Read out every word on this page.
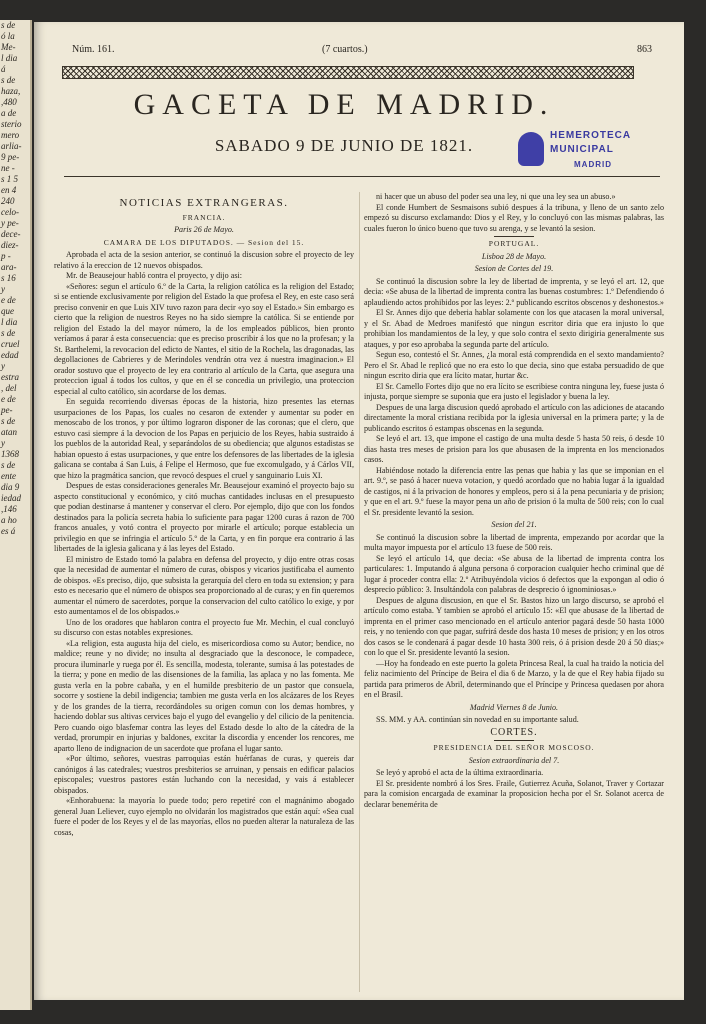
s de
ó la
Me-
l dia
á
s de
haza,
,480
a de
sterio
mero
arlia-
9 pe-
ne -
s 1 5
en 4
240
celo-
y pe-
dece-
diez-
p -
ara-
s 16
y
e de
que
l dia
s de
cruel
edad
y
estra
, del
e de
pe-
s de
atan
y
1368
s de
ente
dia 9
iedad
,146
a ho
es á
Núm. 161.	(7 cuartos.)	863
GACETA DE MADRID.
SABADO 9 DE JUNIO DE 1821.
HEMEROTECA
MUNICIPAL
MADRID
NOTICIAS EXTRANGERAS.
FRANCIA.
Paris 26 de Mayo.
CAMARA DE LOS DIPUTADOS. — Sesion del 15.

Aprobada el acta de la sesion anterior, se continuó la discusion sobre el proyecto de ley relativo á la ereccion de 12 nuevos obispados.

Mr. de Beausejour habló contra el proyecto, y dijo asi:

«Señores: segun el artículo 6.º de la Carta, la religion católica es la religion del Estado; si se entiende exclusivamente por religion del Estado la que profesa el Rey, en este caso será preciso convenir en que Luis XIV tuvo razon para decir «yo soy el Estado.» Sin embargo es cierto que la religion de nuestros Reyes no ha sido siempre la católica. Si se entiende por religion del Estado la del mayor número, la de los empleados públicos, bien pronto veríamos á parar á esta consecuencia: que es preciso proscribir á los que no la profesan; y la St. Barthelemi, la revocacion del edicto de Nantes, el sitio de la Rochela, las dragonadas, las degollaciones de Cabrieres y de Merindoles vendrán otra vez á nuestra imaginacion.» El orador sostuvo que el proyecto de ley era contrario al artículo de la Carta, que asegura una proteccion igual á todos los cultos, y que en él se concedia un privilegio, una proteccion especial al culto católico, sin acordarse de los demas.

En seguida recorriendo diversas épocas de la historia, hizo presentes las eternas usurpaciones de los Papas, los cuales no cesaron de extender y aumentar su poder en menoscabo de los tronos, y por último lograron disponer de las coronas; que el clero, que estuvo casi siempre á la devocion de los Papas en perjuicio de los Reyes, habia sustraido á los pueblos de la autoridad Real, y separándolos de su obediencia; que algunos estadistas se habian opuesto á estas usurpaciones, y que entre los defensores de las libertades de la iglesia galicana se contaba á San Luis, á Felipe el Hermoso, que fue excomulgado, y á Cárlos VII, que hizo la pragmática sancion, que revocó despues el cruel y sanguinario Luis XI.

Despues de estas consideraciones generales Mr. Beausejour examinó el proyecto bajo su aspecto constitucional y económico, y citó muchas cantidades inclusas en el presupuesto que podian destinarse á mantener y conservar el clero. Por ejemplo, dijo que con los fondos destinados para la policía secreta habia lo suficiente para pagar 1200 curas á razon de 700 francos anuales, y votó contra el proyecto por mirarle el artículo; porque establecia un privilegio en que se infringia el artículo 5.º de la Carta, y en fin porque era contrario á las libertades de la iglesia galicana y á las leyes del Estado.

El ministro de Estado tomó la palabra en defensa del proyecto, y dijo entre otras cosas que la necesidad de aumentar el número de curas, obispos y vicarios justificaba el aumento de obispos. «Es preciso, dijo, que subsista la gerarquía del clero en toda su extension; y para esto es necesario que el número de obispos sea proporcionado al de curas; y en fin queremos aumentar el número de sacerdotes, porque la conservacion del culto católico lo exige, y por esto aumentamos el de los obispados.»

Uno de los oradores que hablaron contra el proyecto fue Mr. Mechin, el cual concluyó su discurso con estas notables expresiones.

«La religion, esta augusta hija del cielo, es misericordiosa como su Autor; bendice, no maldice; reune y no divide; no insulta al desgraciado que la desconoce, le compadece, procura iluminarle y ruega por él. Es sencilla, modesta, tolerante, sumisa á las potestades de la tierra; y pone en medio de las disensiones de la familia, las aplaca y no las fomenta. Me gusta verla en la pobre cabaña, y en el humilde presbiterio de un pastor que consuela, socorre y sostiene la debil indigencia; tambien me gusta verla en los alcázares de los Reyes y de los grandes de la tierra, recordándoles su origen comun con los demas hombres, y haciendo doblar sus altivas cervices bajo el yugo del evangelio y del cilicio de la penitencia. Pero cuando oigo blasfemar contra las leyes del Estado desde lo alto de la cátedra de la verdad, prorumpir en injurias y baldones, excitar la discordia y encender los rencores, me aparto lleno de indignacion de un sacerdote que profana el lugar santo.

«Por último, señores, vuestras parroquias están huérfanas de curas, y quereis dar canónigos á las catedrales; vuestros presbiterios se arruinan, y pensais en edificar palacios episcopales; vuestros pastores están luchando con la necesidad, y vais á establecer obispados.

«Enhorabuena: la mayoría lo puede todo; pero repetiré con el magnánimo abogado general Juan Leliever, cuyo ejemplo no olvidarán los magistrados que están aquí: «Sea cual fuere el poder de los Reyes y el de las mayorías, ellos no pueden alterar la naturaleza de las cosas,

ni hacer que un abuso del poder sea una ley, ni que una ley sea un abuso.»

El conde Humbert de Sesmaisons subió despues á la tribuna, y lleno de un santo zelo empezó su discurso exclamando: Dios y el Rey, y lo concluyó con las mismas palabras, las cuales fueron lo único bueno que tuvo su arenga, y se levantó la sesion.

PORTUGAL.
Lisboa 28 de Mayo.
Sesion de Cortes del 19.

Se continuó la discusion sobre la ley de libertad de imprenta, y se leyó el art. 12, que decia: «Se abusa de la libertad de imprenta contra las buenas costumbres: 1.º Defendiendo ó aplaudiendo actos prohibidos por las leyes: 2.º publicando escritos obscenos y deshonestos.»

El Sr. Annes dijo que deberia hablar solamente con los que atacasen la moral universal, y el Sr. Abad de Medroes manifestó que ningun escritor diria que era injusto lo que prohibian los mandamientos de la ley, y que solo contra el sexto dirigiria generalmente sus ataques, y por eso aprobaba la segunda parte del artículo.

Segun eso, contestó el Sr. Annes, ¿la moral está comprendida en el sexto mandamiento? Pero el Sr. Abad le replicó que no era esto lo que decia, sino que estaba persuadido de que ningun escrito diria que era lícito matar, hurtar &c.

El Sr. Camello Fortes dijo que no era lícito se escribiese contra ninguna ley, fuese justa ó injusta, porque siempre se suponia que era justo el legislador y buena la ley.

Despues de una larga discusion quedó aprobado el artículo con las adiciones de atacando directamente la moral cristiana recibida por la iglesia universal en la primera parte; y la de publicando escritos ó estampas obscenas en la segunda.

Se leyó el art. 13, que impone el castigo de una multa desde 5 hasta 50 reis, ó desde 10 dias hasta tres meses de prision para los que abusasen de la imprenta en los mencionados casos.

Habiéndose notado la diferencia entre las penas que habia y las que se imponian en el art. 9.º, se pasó á hacer nueva votacion, y quedó acordado que no habia lugar á la igualdad de castigos, ni á la privacion de honores y empleos, pero si á la pena pecuniaria y de prision; y que en el art. 9.º fuese la mayor pena un año de prision ó la multa de 500 reis; con lo cual el Sr. presidente levantó la sesion.

Sesion del 21.

Se continuó la discusion sobre la libertad de imprenta, empezando por acordar que la multa mayor impuesta por el artículo 13 fuese de 500 reis.

Se leyó el artículo 14, que decia: «Se abusa de la libertad de imprenta contra los particulares: 1. Imputando á alguna persona ó corporacion cualquier hecho criminal que dé lugar á proceder contra ella: 2.º Atribuyéndola vicios ó defectos que la expongan al odio ó desprecio público: 3. Insultándola con palabras de desprecio ó ignominiosas.»

Despues de alguna discusion, en que el Sr. Bastos hizo un largo discurso, se aprobó el artículo como estaba. Y tambien se aprobó el artículo 15: «El que abusase de la libertad de imprenta en el primer caso mencionado en el artículo anterior pagará desde 50 hasta 1000 reis, y no teniendo con que pagar, sufrirá desde dos hasta 10 meses de prision; y en los otros dos casos se le condenará á pagar desde 10 hasta 300 reis, ó á prision desde 20 á 50 dias;» con lo que el Sr. presidente levantó la sesion.

—Hoy ha fondeado en este puerto la goleta Princesa Real, la cual ha traido la noticia del feliz nacimiento del Príncipe de Beira el dia 6 de Marzo, y la de que el Rey habia fijado su partida para primeros de Abril, determinando que el Príncipe y Princesa quedasen por ahora en el Brasil.

Madrid Viernes 8 de Junio.

SS. MM. y AA. continúan sin novedad en su importante salud.

CORTES.
PRESIDENCIA DEL SEÑOR MOSCOSO.
Sesion extraordinaria del 7.

Se leyó y aprobó el acta de la última extraordinaria.

El Sr. presidente nombró á los Sres. Fraile, Gutierrez Acuña, Solanot, Traver y Cortazar para la comision encargada de examinar la proposicion hecha por el Sr. Solanot acerca de declarar benemérita de
